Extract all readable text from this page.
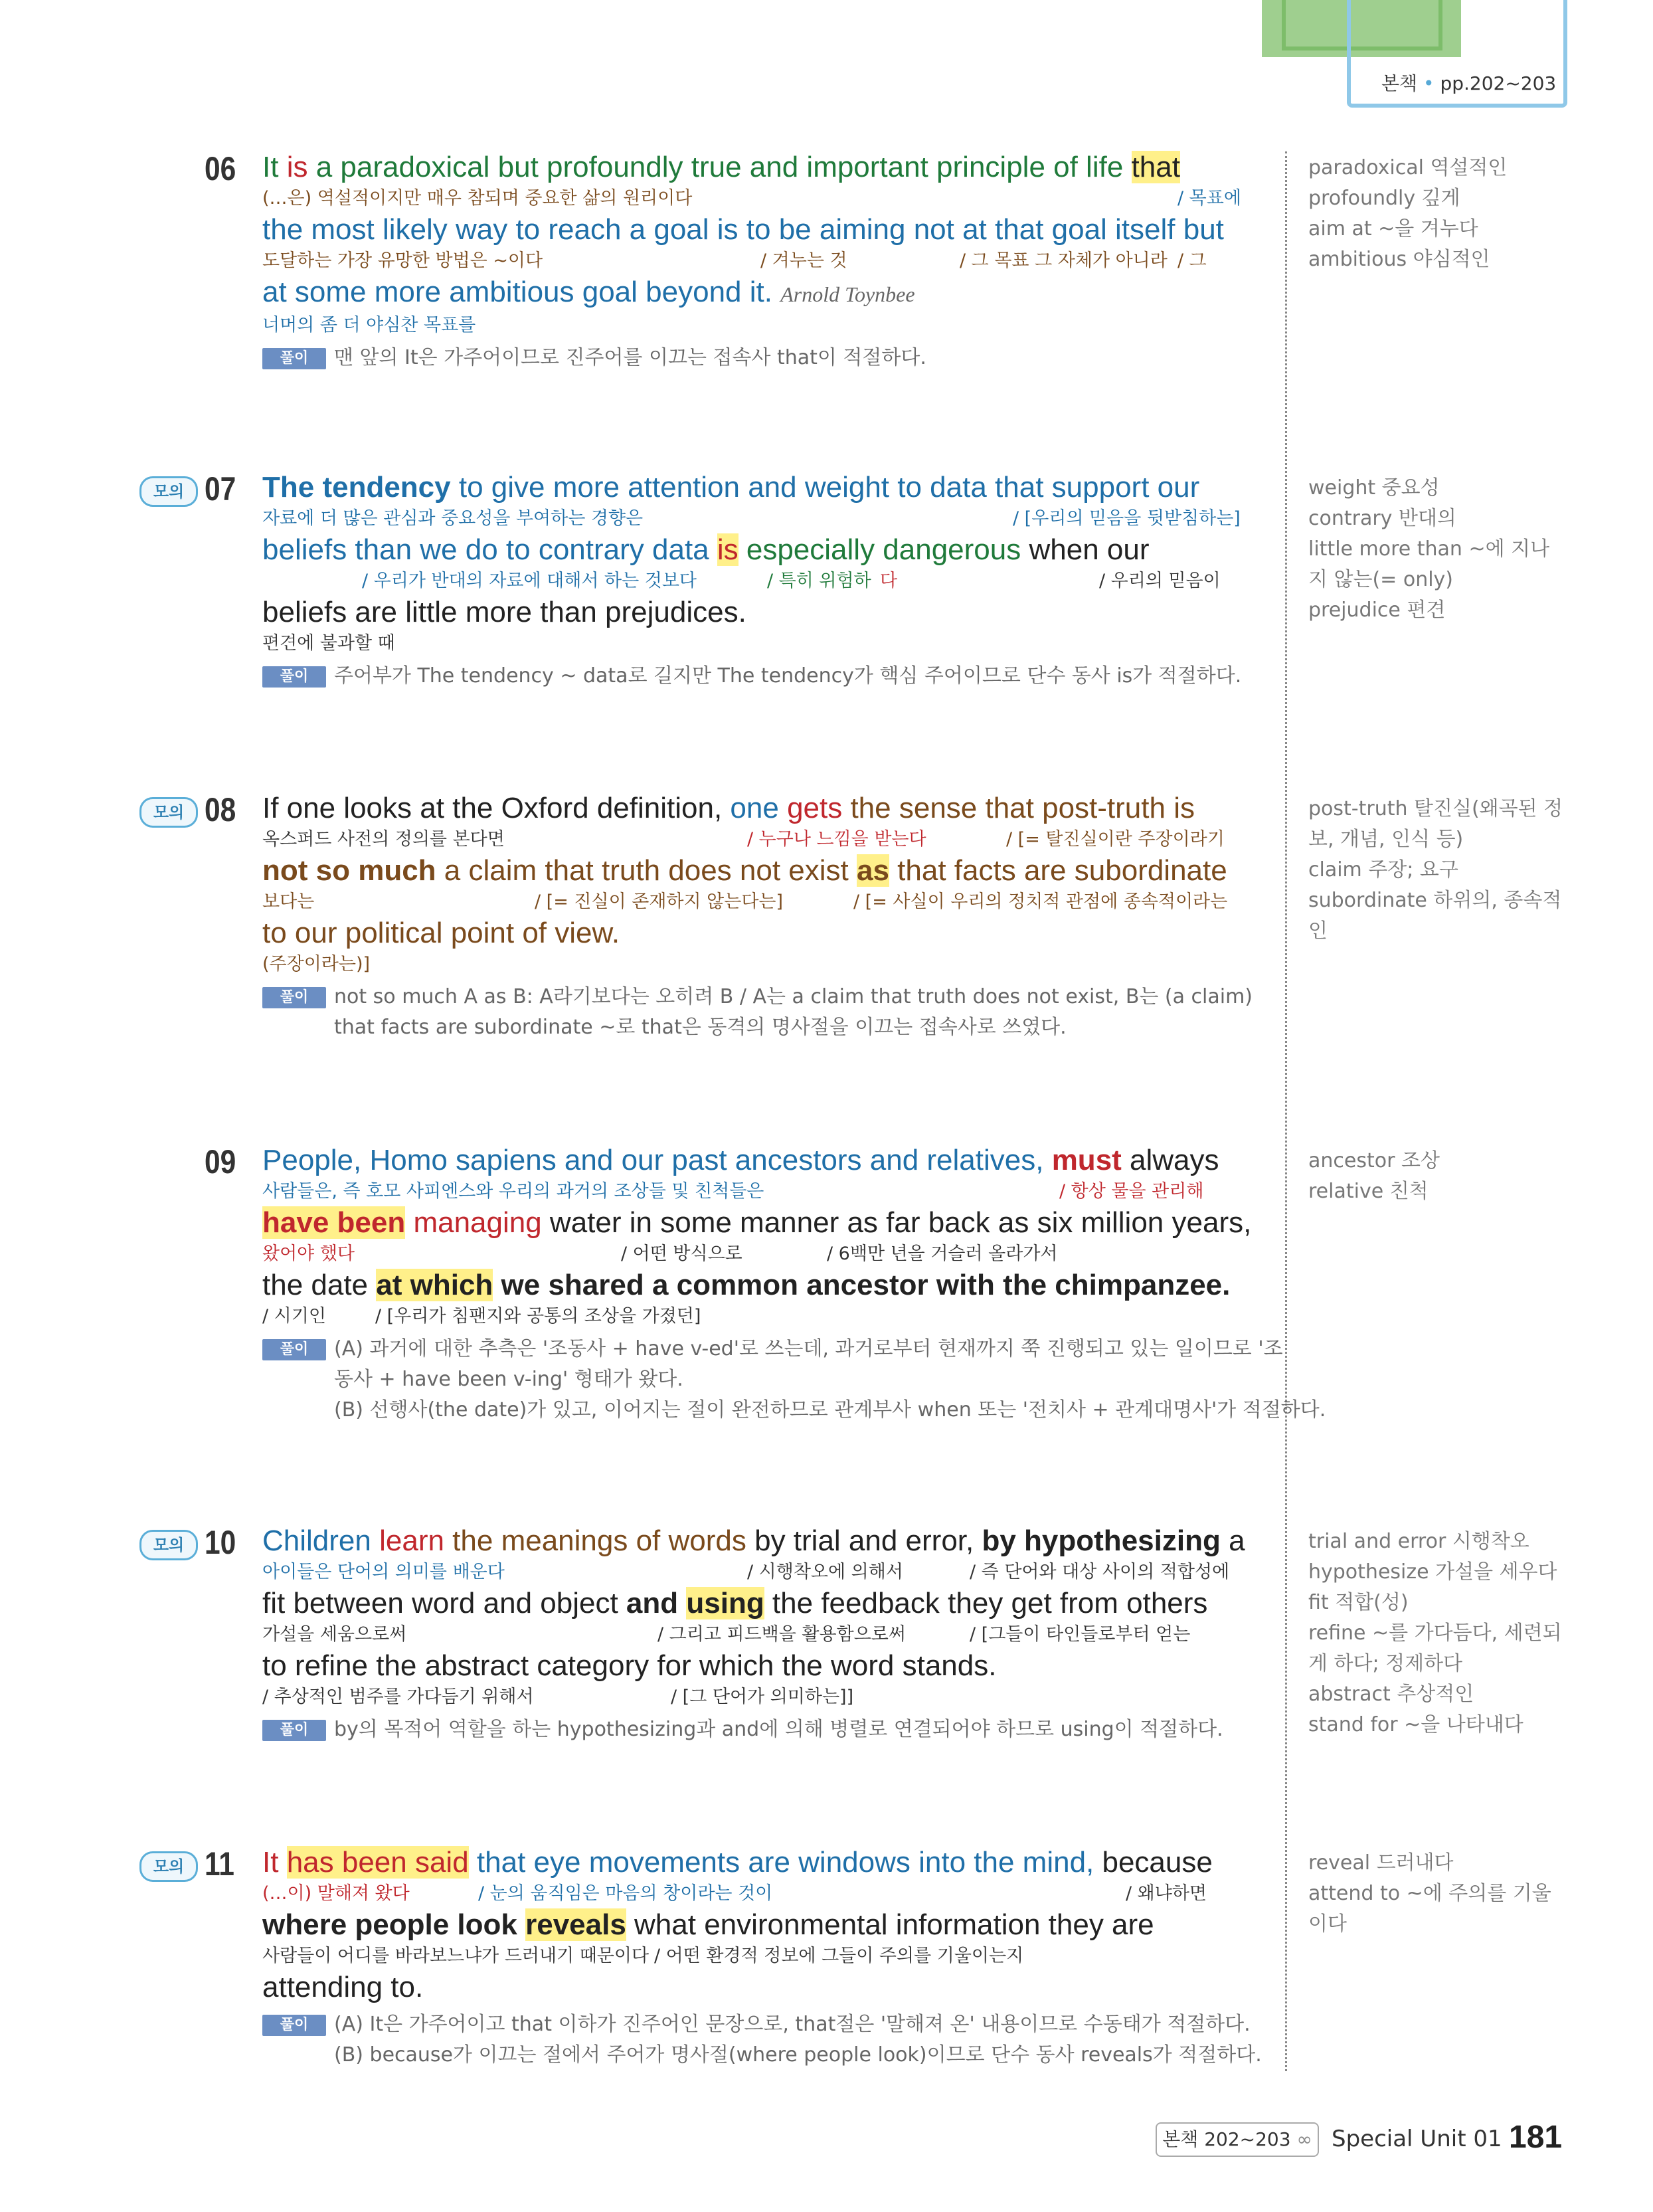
본책 • pp.202~203
06 It is a paradoxical but profoundly true and important principle of life that
(…은) 역설적이지만 매우 참되며 중요한 삶의 원리이다	/ 목표에
the most likely way to reach a goal is to be aiming not at that goal itself but
도달하는 가장 유망한 방법은 ~이다	/ 겨누는 것	/ 그 목표 그 자체가 아니라 / 그
at some more ambitious goal beyond it. Arnold Toynbee
너머의 좀 더 야심찬 목표를
풀이	맨 앞의 It은 가주어이므로 진주어를 이끄는 접속사 that이 적절하다.
paradoxical 역설적인
profoundly 깊게
aim at ~을 겨누다
ambitious 야심적인
모의 07 The tendency to give more attention and weight to data that support our
자료에 더 많은 관심과 중요성을 부여하는 경향은	/ [우리의 믿음을 뒷받침하는]
beliefs than we do to contrary data is especially dangerous when our
/ 우리가 반대의 자료에 대해서 하는 것보다	/ 특히 위험하 다	/ 우리의 믿음이
beliefs are little more than prejudices.
편견에 불과할 때
풀이	주어부가 The tendency ~ data로 길지만 The tendency가 핵심 주어이므로 단수 동사 is가 적절하다.
weight 중요성
contrary 반대의
little more than ~에 지나
지 않는(= only)
prejudice 편견
모의 08 If one looks at the Oxford definition, one gets the sense that post-truth is
옥스퍼드 사전의 정의를 본다면	/ 누구나 느낌을 받는다	/ [= 탈진실이란 주장이라기
not so much a claim that truth does not exist as that facts are subordinate
보다는	/ [= 진실이 존재하지 않는다는]	/ [= 사실이 우리의 정치적 관점에 종속적이라는
to our political point of view.
(주장이라는)]
풀이	not so much A as B: A라기보다는 오히려 B / A는 a claim that truth does not exist, B는 (a claim)
that facts are subordinate ~로 that은 동격의 명사절을 이끄는 접속사로 쓰였다.
post-truth 탈진실(왜곡된 정
보, 개념, 인식 등)
claim 주장; 요구
subordinate 하위의, 종속적인
09 People, Homo sapiens and our past ancestors and relatives, must always
사람들은, 즉 호모 사피엔스와 우리의 과거의 조상들 및 친척들은	/ 항상 물을 관리해
have been managing water in some manner as far back as six million years,
왔어야 했다	/ 어떤 방식으로	/ 6백만 년을 거슬러 올라가서
the date at which we shared a common ancestor with the chimpanzee.
/ 시기인	/ [우리가 침팬지와 공통의 조상을 가졌던]
풀이	(A) 과거에 대한 추측은 '조동사 + have v-ed'로 쓰는데, 과거로부터 현재까지 쭉 진행되고 있는 일이므로 '조
동사 + have been v-ing' 형태가 왔다.
(B) 선행사(the date)가 있고, 이어지는 절이 완전하므로 관계부사 when 또는 '전치사 + 관계대명사'가 적절하다.
ancestor 조상
relative 친척
모의 10 Children learn the meanings of words by trial and error, by hypothesizing a
아이들은 단어의 의미를 배운다	/ 시행착오에 의해서	/ 즉 단어와 대상 사이의 적합성에
fit between word and object and using the feedback they get from others
가설을 세움으로써	/ 그리고 피드백을 활용함으로써	/ [그들이 타인들로부터 얻는
to refine the abstract category for which the word stands.
/ 추상적인 범주를 가다듬기 위해서	/ [그 단어가 의미하는]]
풀이	by의 목적어 역할을 하는 hypothesizing과 and에 의해 병렬로 연결되어야 하므로 using이 적절하다.
trial and error 시행착오
hypothesize 가설을 세우다
fit 적합(성)
refine ~를 가다듬다, 세련되
게 하다; 정제하다
abstract 추상적인
stand for ~을 나타내다
모의 11 It has been said that eye movements are windows into the mind, because
(…이) 말해져 왔다	/ 눈의 움직임은 마음의 창이라는 것이	/ 왜냐하면
where people look reveals what environmental information they are
사람들이 어디를 바라보느냐가 드러내기 때문이다 / 어떤 환경적 정보에 그들이 주의를 기울이는지
attending to.
풀이	(A) It은 가주어이고 that 이하가 진주어인 문장으로, that절은 '말해져 온' 내용이므로 수동태가 적절하다.
(B) because가 이끄는 절에서 주어가 명사절(where people look)이므로 단수 동사 reveals가 적절하다.
reveal 드러내다
attend to ~에 주의를 기울
이다
본책 202~203 ∞ Special Unit 01 181
